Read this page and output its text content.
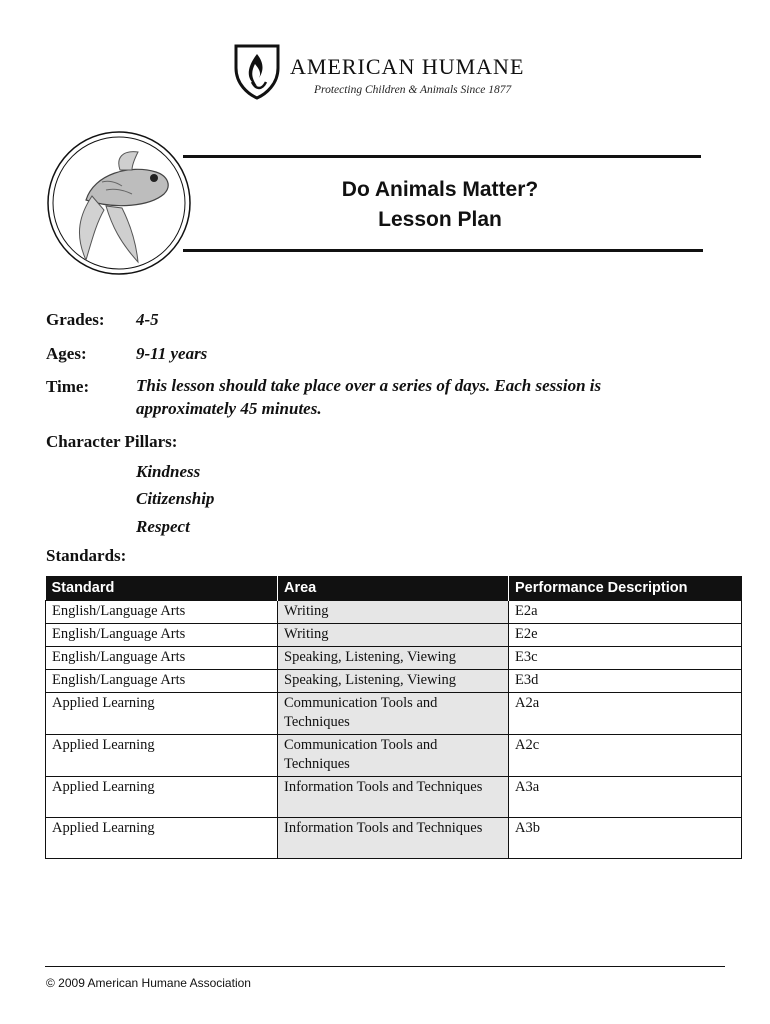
AMERICAN HUMANE
Protecting Children & Animals Since 1877
Do Animals Matter?
Lesson Plan
Grades: 4-5
Ages:	9-11 years
Time:	This lesson should take place over a series of days. Each session is approximately 45 minutes.
Character Pillars:
Kindness
Citizenship
Respect
Standards:
Standard	Area	Performance Description
English/Language Arts	Writing	E2a
English/Language Arts	Writing	E2e
English/Language Arts	Speaking, Listening, Viewing	E3c
English/Language Arts	Speaking, Listening, Viewing	E3d
Applied Learning	Communication Tools and Techniques	A2a
Applied Learning	Communication Tools and Techniques	A2c
Applied Learning	Information Tools and Techniques	A3a
Applied Learning	Information Tools and Techniques	A3b
© 2009 American Humane Association
